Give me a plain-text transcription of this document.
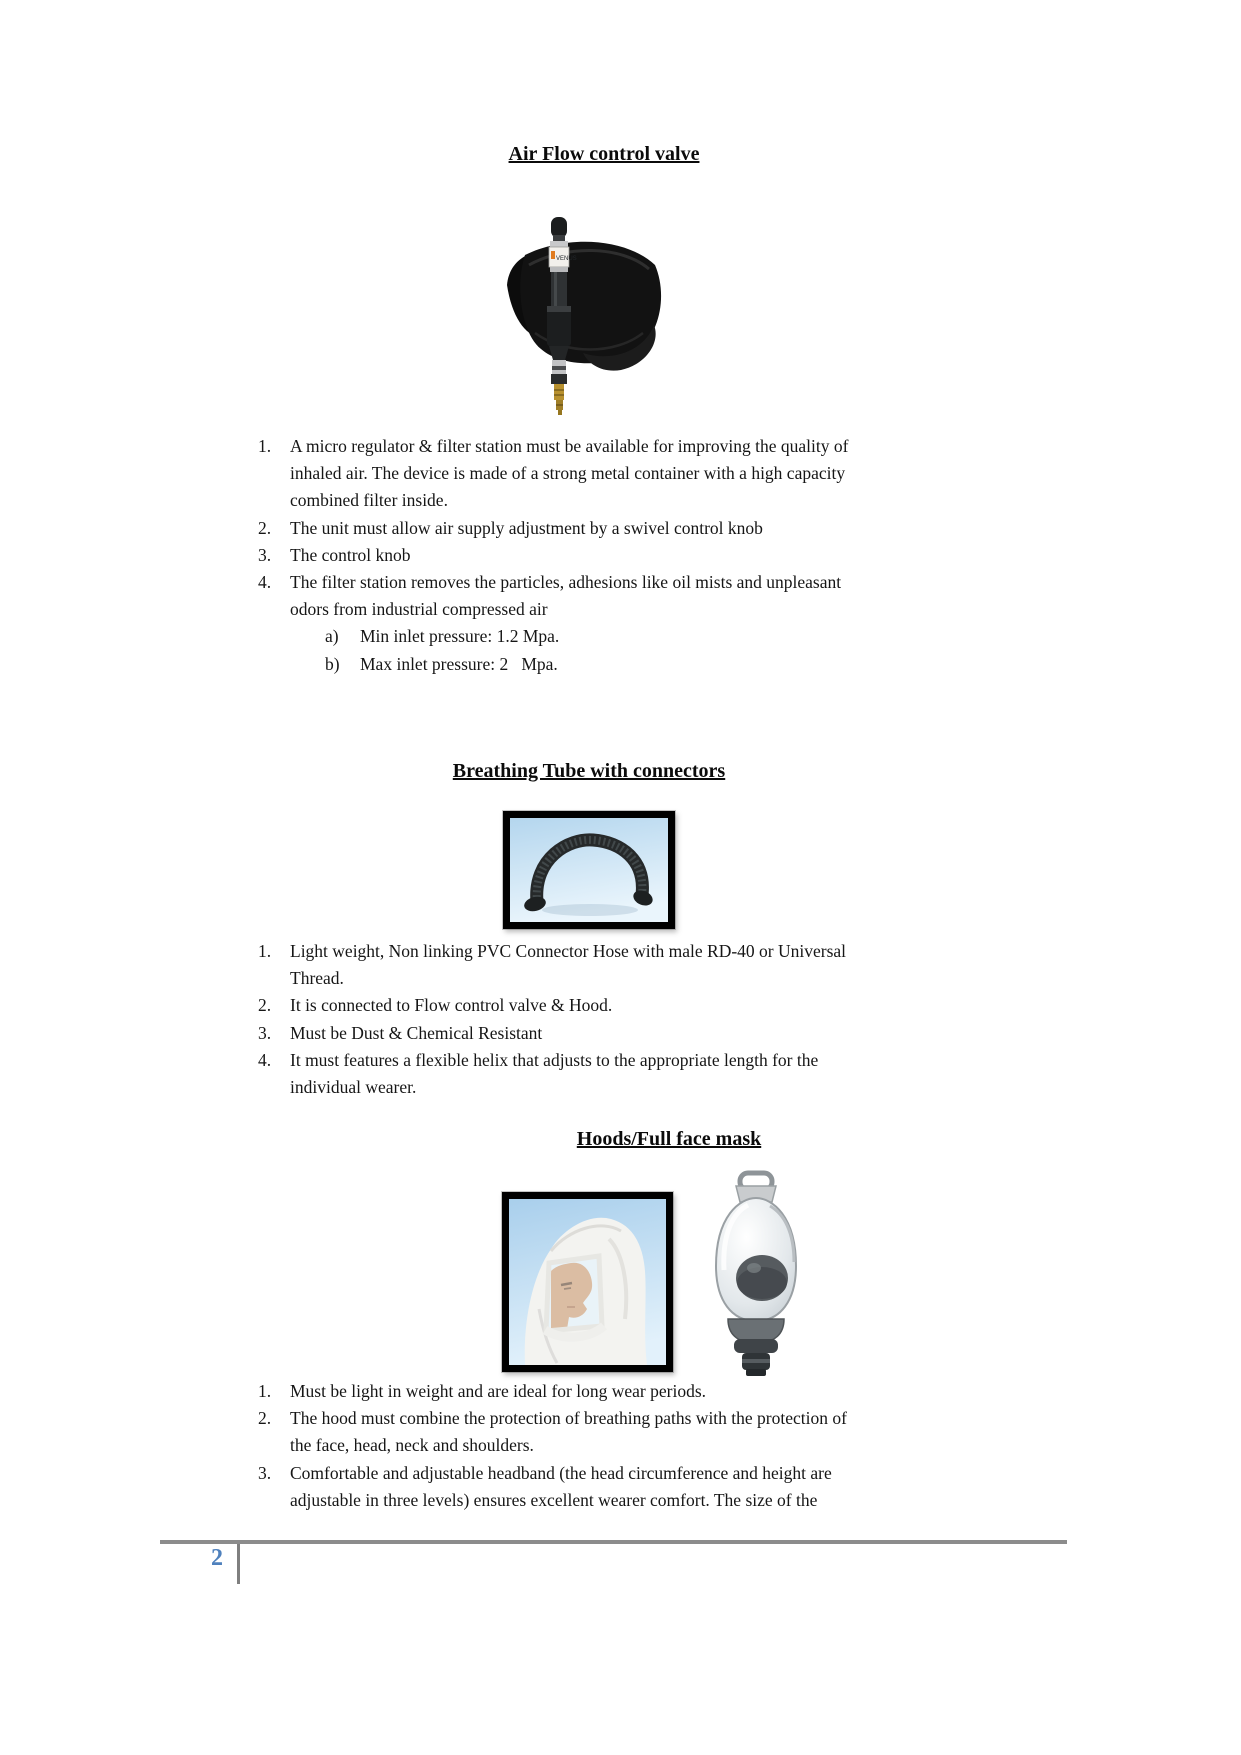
Air Flow control valve
VENUS
1. A micro regulator & filter station must be available for improving the quality of
inhaled air. The device is made of a strong metal container with a high capacity
combined filter inside.
2. The unit must allow air supply adjustment by a swivel control knob
3. The control knob
4. The filter station removes the particles, adhesions like oil mists and unpleasant
odors from industrial compressed air
a) Min inlet pressure: 1.2 Mpa.
b) Max inlet pressure: 2   Mpa.
Breathing Tube with connectors
1. Light weight, Non linking PVC Connector Hose with male RD-40 or Universal
Thread.
2. It is connected to Flow control valve & Hood.
3. Must be Dust & Chemical Resistant
4. It must features a flexible helix that adjusts to the appropriate length for the
individual wearer.
Hoods/Full face mask
1. Must be light in weight and are ideal for long wear periods.
2. The hood must combine the protection of breathing paths with the protection of
the face, head, neck and shoulders.
3. Comfortable and adjustable headband (the head circumference and height are
adjustable in three levels) ensures excellent wearer comfort. The size of the
2
